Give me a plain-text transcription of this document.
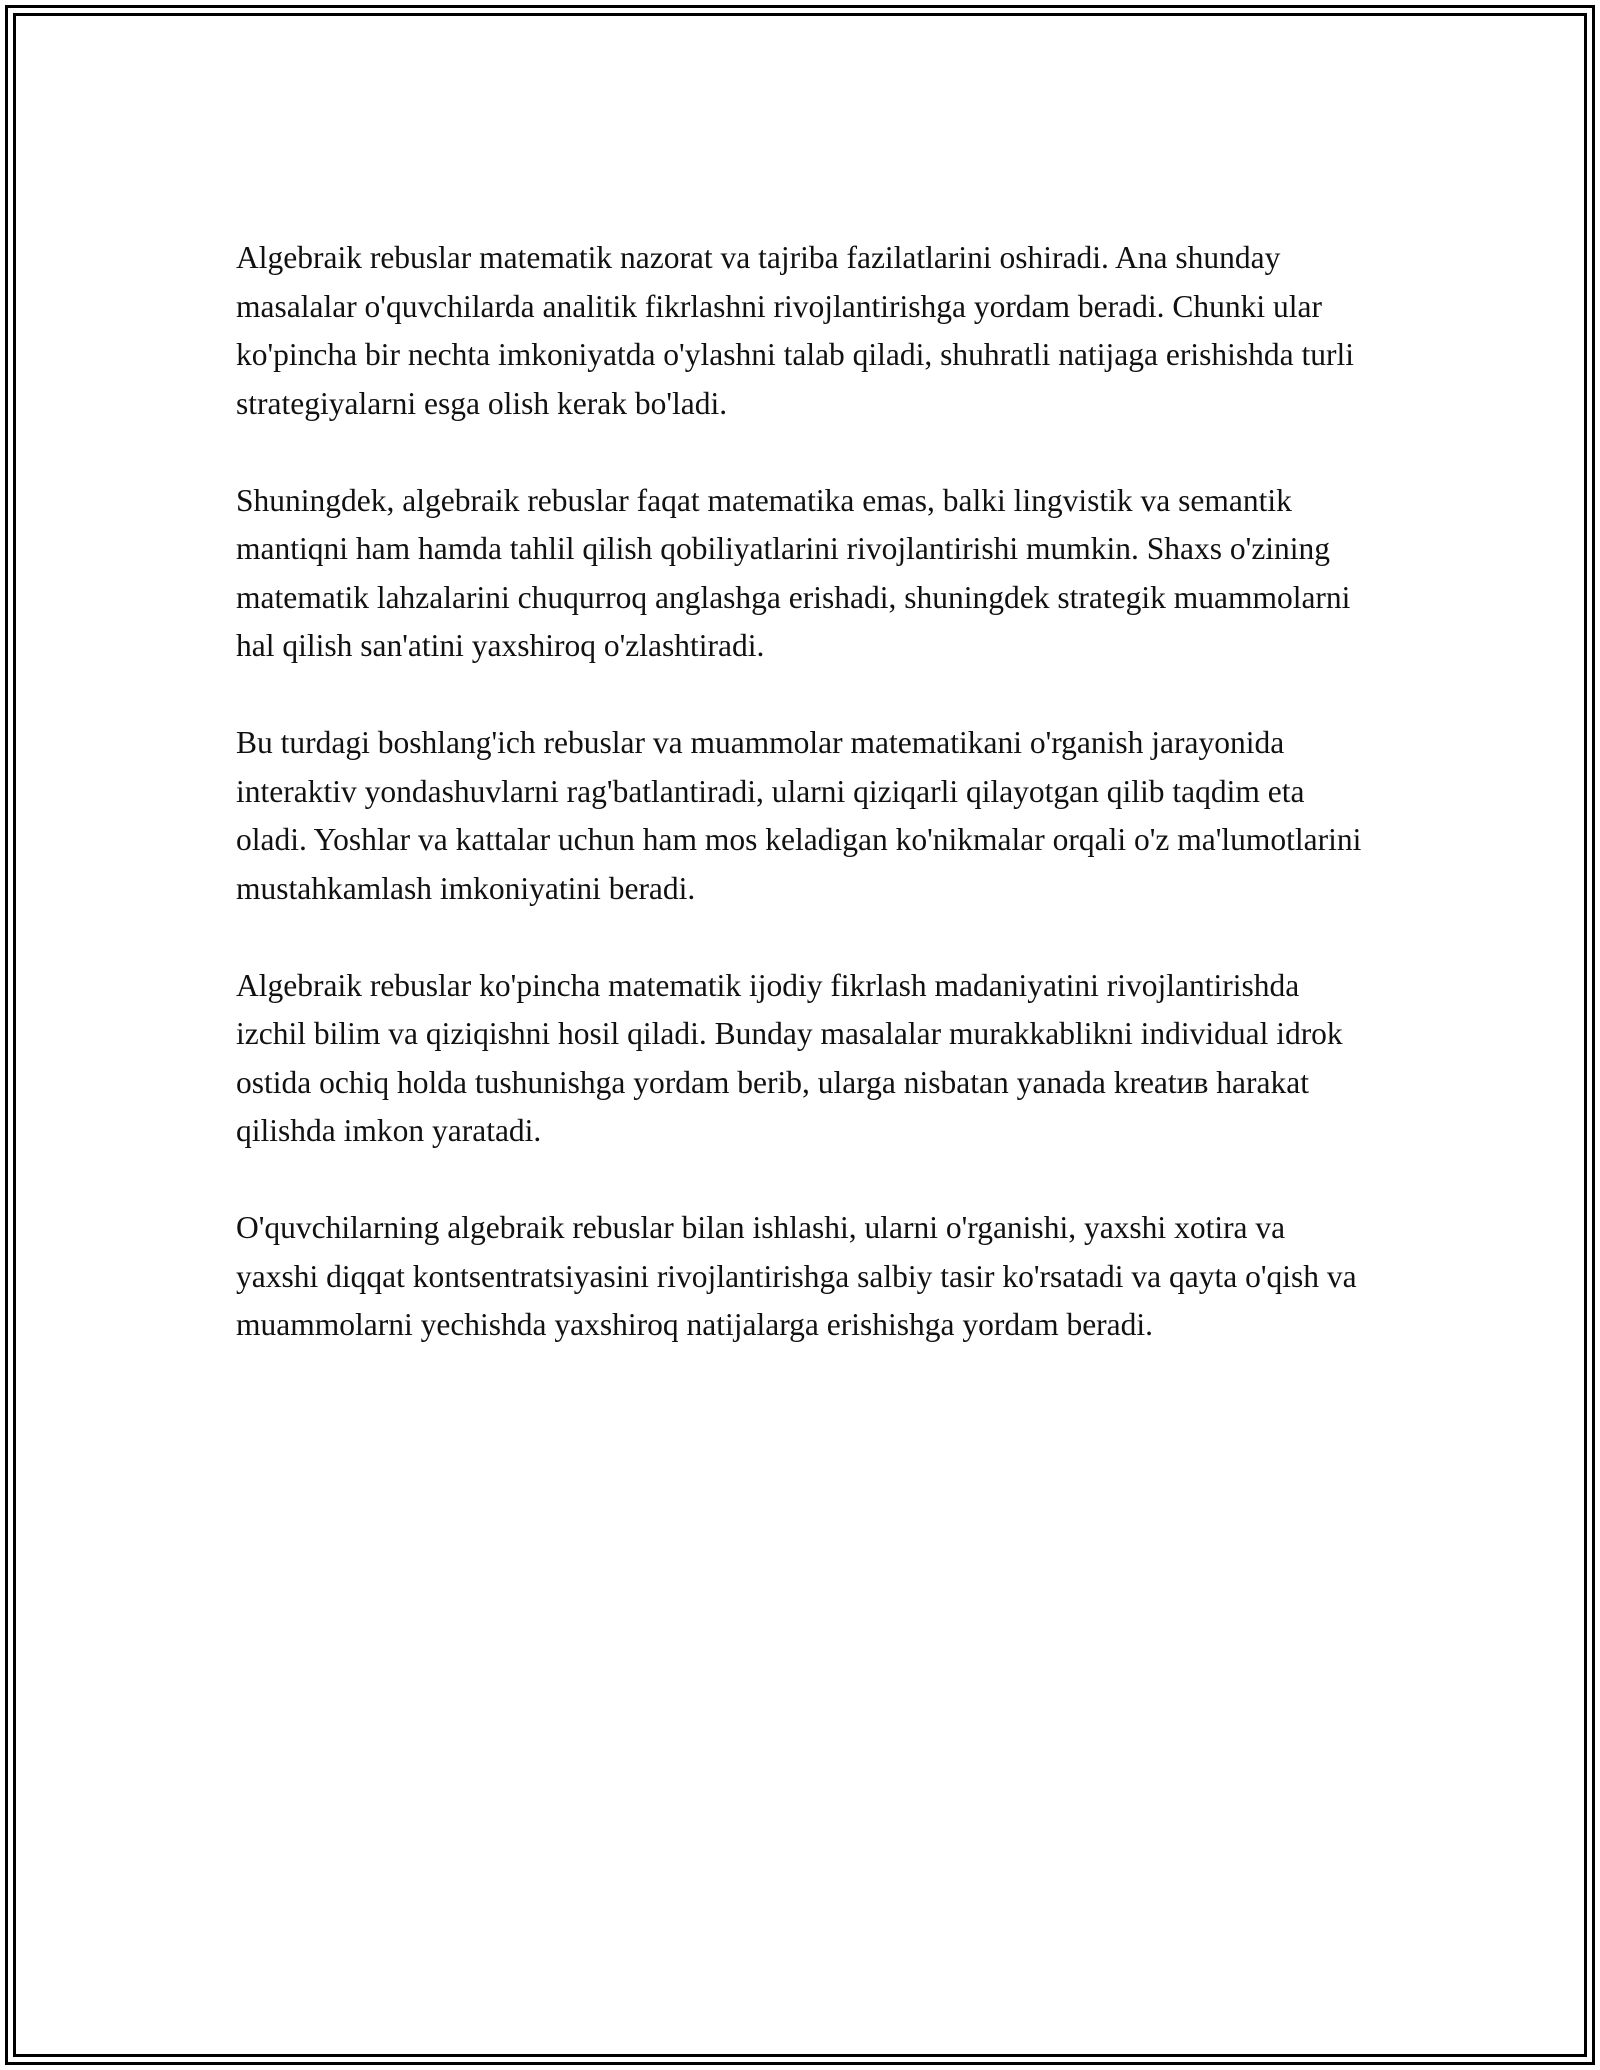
Algebraik rebuslar matematik nazorat va tajriba fazilatlarini oshiradi. Ana shunday masalalar o'quvchilarda analitik fikrlashni rivojlantirishga yordam beradi. Chunki ular ko'pincha bir nechta imkoniyatda o'ylashni talab qiladi, shuhratli natijaga erishishda turli strategiyalarni esga olish kerak bo'ladi.

Shuningdek, algebraik rebuslar faqat matematika emas, balki lingvistik va semantik mantiqni ham hamda tahlil qilish qobiliyatlarini rivojlantirishi mumkin. Shaxs o'zining matematik lahzalarini chuqurroq anglashga erishadi, shuningdek strategik muammolarni hal qilish san'atini yaxshiroq o'zlashtiradi.

Bu turdagi boshlang'ich rebuslar va muammolar matematikani o'rganish jarayonida interaktiv yondashuvlarni rag'batlantiradi, ularni qiziqarli qilayotgan qilib taqdim eta oladi. Yoshlar va kattalar uchun ham mos keladigan ko'nikmalar orqali o'z ma'lumotlarini mustahkamlash imkoniyatini beradi.

Algebraik rebuslar ko'pincha matematik ijodiy fikrlash madaniyatini rivojlantirishda izchil bilim va qiziqishni hosil qiladi. Bunday masalalar murakkablikni individual idrok ostida ochiq holda tushunishga yordam berib, ularga nisbatan yanada kreatив harakat qilishda imkon yaratadi.

O'quvchilarning algebraik rebuslar bilan ishlashi, ularni o'rganishi, yaxshi xotira va yaxshi diqqat kontsentratsiyasini rivojlantirishga salbiy tasir ko'rsatadi va qayta o'qish va muammolarni yechishda yaxshiroq natijalarga erishishga yordam beradi.
